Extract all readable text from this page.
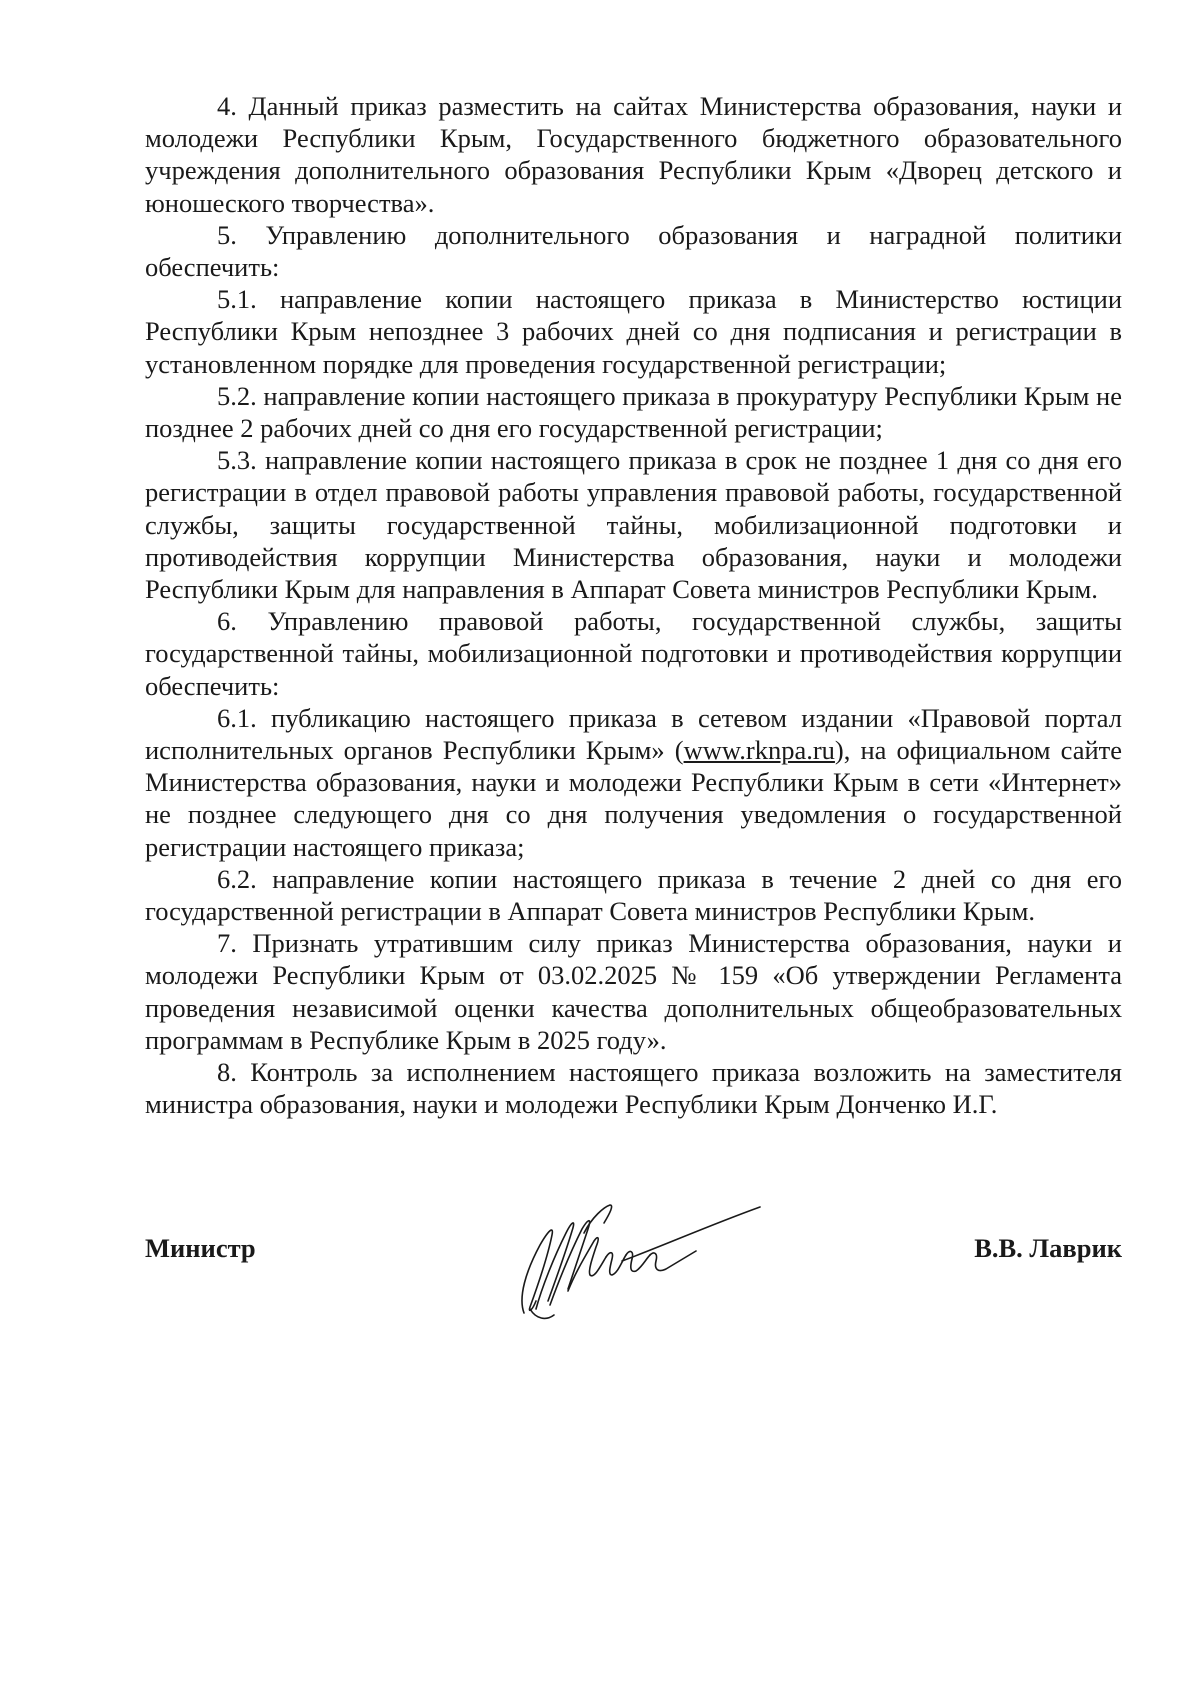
4. Данный приказ разместить на сайтах Министерства образования, науки и молодежи Республики Крым, Государственного бюджетного образовательного учреждения дополнительного образования Республики Крым «Дворец детского и юношеского творчества».

5. Управлению дополнительного образования и наградной политики обеспечить:

5.1. направление копии настоящего приказа в Министерство юстиции Республики Крым непозднее 3 рабочих дней со дня подписания и регистрации в установленном порядке для проведения государственной регистрации;

5.2. направление копии настоящего приказа в прокуратуру Республики Крым не позднее 2 рабочих дней со дня его государственной регистрации;

5.3. направление копии настоящего приказа в срок не позднее 1 дня со дня его регистрации в отдел правовой работы управления правовой работы, государственной службы, защиты государственной тайны, мобилизационной подготовки и противодействия коррупции Министерства образования, науки и молодежи Республики Крым для направления в Аппарат Совета министров Республики Крым.

6. Управлению правовой работы, государственной службы, защиты государственной тайны, мобилизационной подготовки и противодействия коррупции обеспечить:

6.1. публикацию настоящего приказа в сетевом издании «Правовой портал исполнительных органов Республики Крым» (www.rknpa.ru), на официальном сайте Министерства образования, науки и молодежи Республики Крым в сети «Интернет» не позднее следующего дня со дня получения уведомления о государственной регистрации настоящего приказа;

6.2. направление копии настоящего приказа в течение 2 дней со дня его государственной регистрации в Аппарат Совета министров Республики Крым.

7. Признать утратившим силу приказ Министерства образования, науки и молодежи Республики Крым от 03.02.2025 № 159 «Об утверждении Регламента проведения независимой оценки качества дополнительных общеобразовательных программам в Республике Крым в 2025 году».

8. Контроль за исполнением настоящего приказа возложить на заместителя министра образования, науки и молодежи Республики Крым Донченко И.Г.

Министр	В.В. Лаврик
